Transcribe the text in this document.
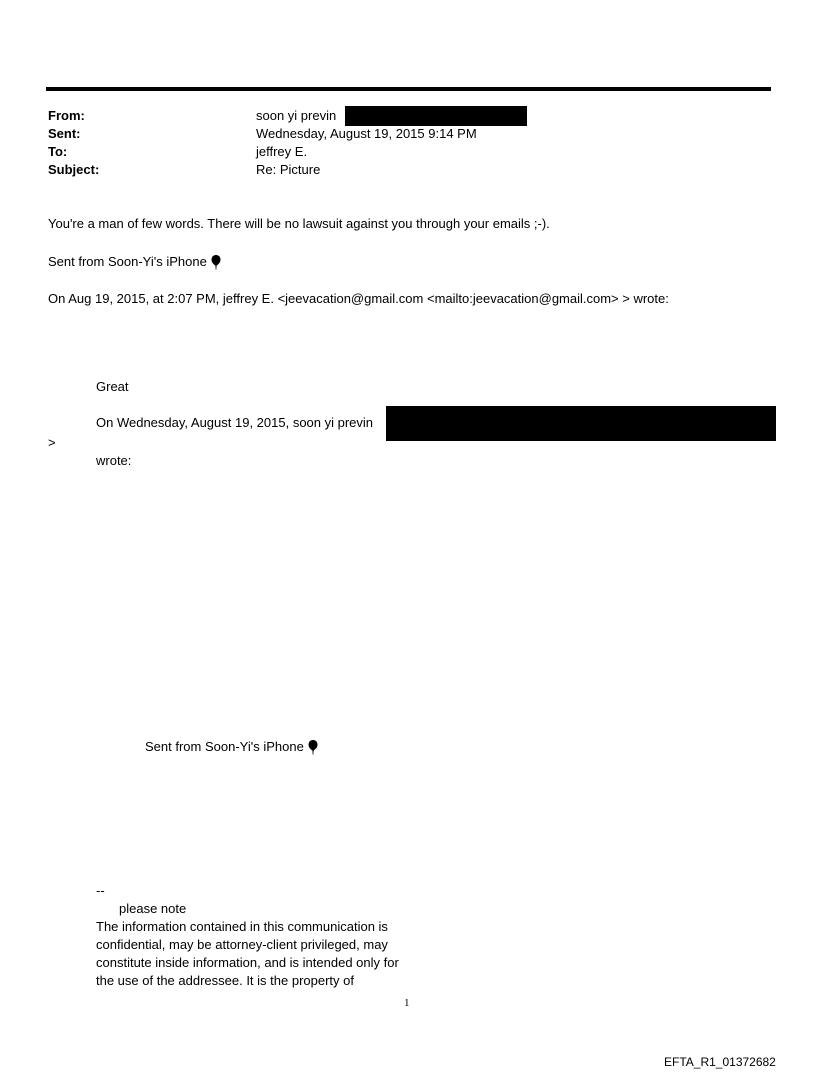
From:	soon yi previn
Sent:	Wednesday, August 19, 2015 9:14 PM
To:	jeffrey E.
Subject:	Re: Picture
You're a man of few words. There will be no lawsuit against you through your emails ;-).
Sent from Soon-Yi's iPhone
On Aug 19, 2015, at 2:07 PM, jeffrey E. <jeevacation@gmail.com <mailto:jeevacation@gmail.com> > wrote:
Great
On Wednesday, August 19, 2015, soon yi previn
>
wrote:
Sent from Soon-Yi's iPhone
--
please note
The information contained in this communication is
confidential, may be attorney-client privileged, may
constitute inside information, and is intended only for
the use of the addressee. It is the property of
1
EFTA_R1_01372682
